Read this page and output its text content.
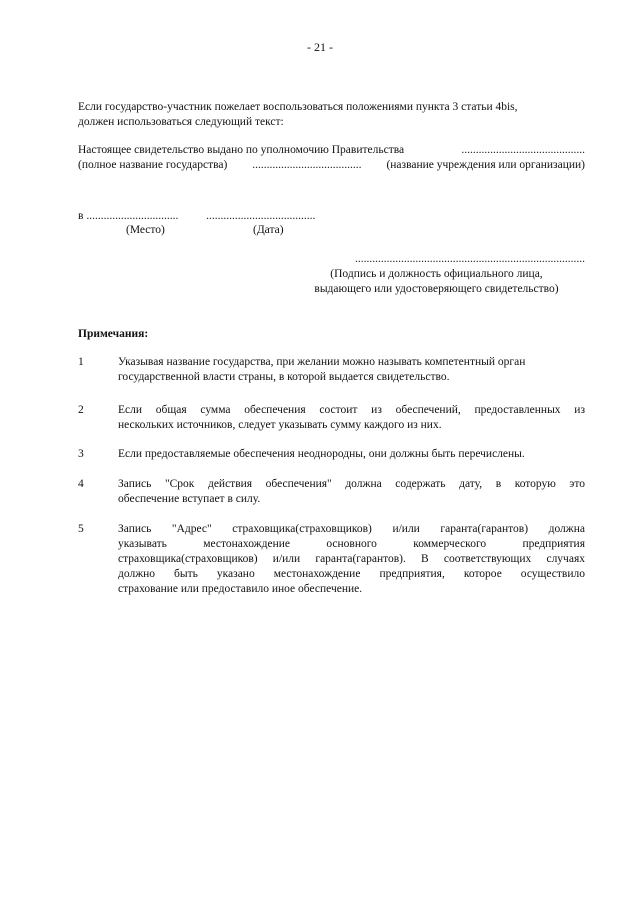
- 21 -
Если государство-участник пожелает воспользоваться положениями пункта 3 статьи 4bis,
должен использоваться следующий текст:
Настоящее свидетельство выдано по уполномочию Правительства	...........................................
(полное название государства) ...................................... (название учреждения или организации)
в ................................ ......................................
(Место)	(Дата)
................................................................................
(Подпись и должность официального лица,
выдающего или удостоверяющего свидетельство)
Примечания:
1	Указывая название государства, при желании можно называть компетентный орган
государственной власти страны, в которой выдается свидетельство.
2	Если общая сумма обеспечения состоит из обеспечений, предоставленных из
нескольких источников, следует указывать сумму каждого из них.
3	Если предоставляемые обеспечения неоднородны, они должны быть перечислены.
4	Запись "Срок действия обеспечения" должна содержать дату, в которую это
обеспечение вступает в силу.
5	Запись "Адрес" страховщика(страховщиков) и/или гаранта(гарантов) должна
указывать местонахождение основного коммерческого предприятия
страховщика(страховщиков) и/или гаранта(гарантов). В соответствующих случаях
должно быть указано местонахождение предприятия, которое осуществило
страхование или предоставило иное обеспечение.
